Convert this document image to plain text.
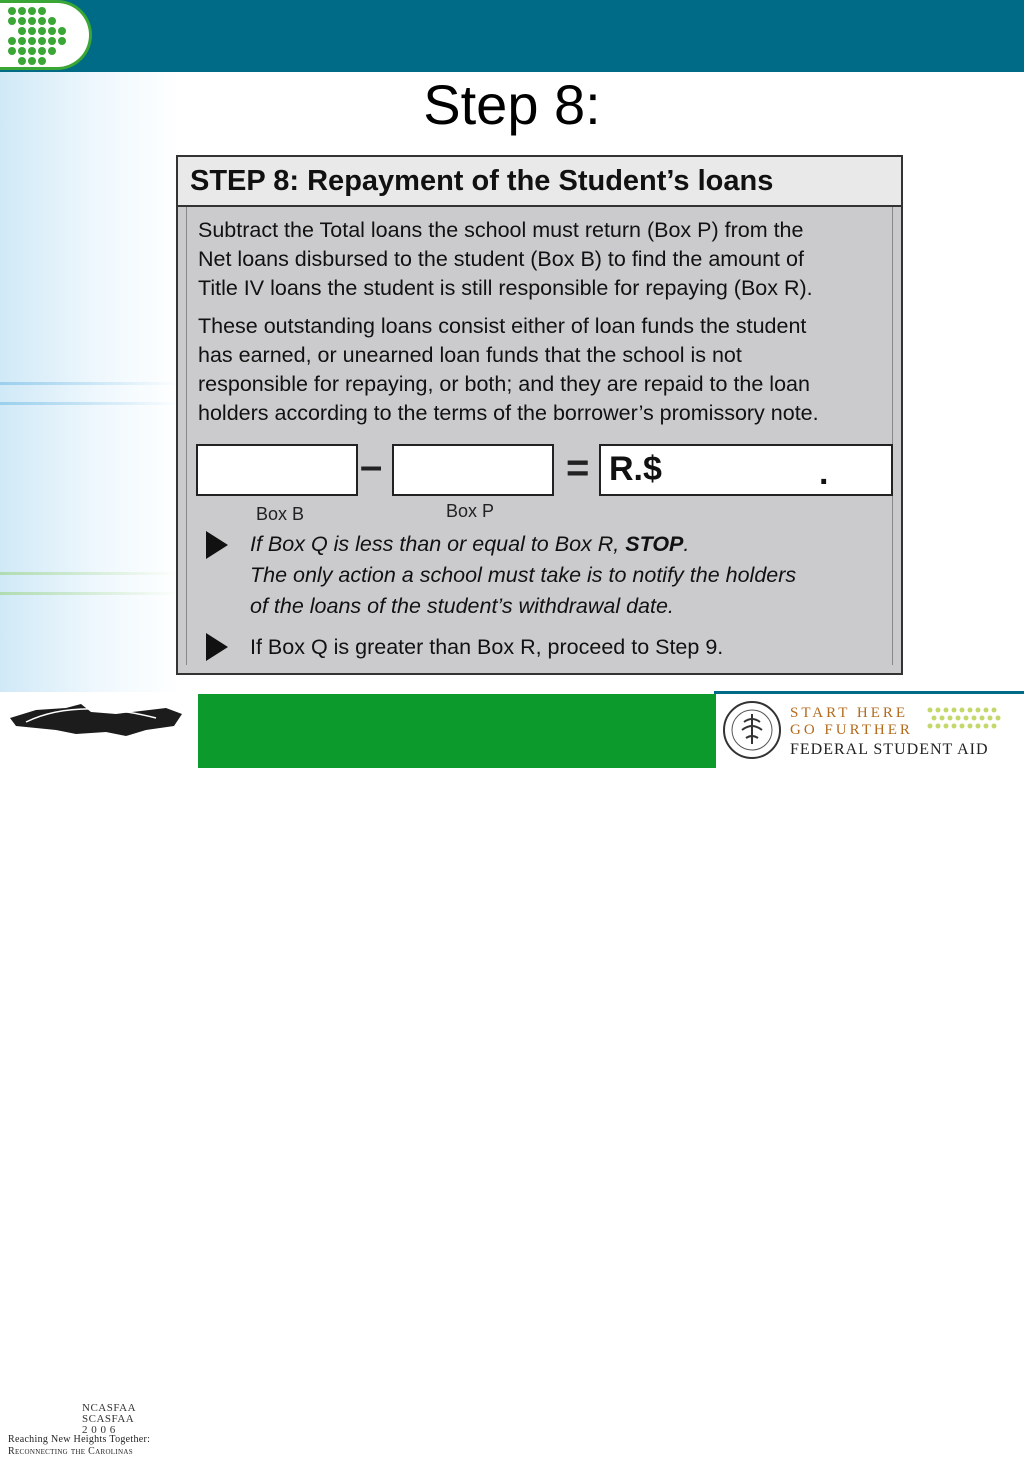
Step 8:
STEP 8: Repayment of the Student’s loans
Subtract the Total loans the school must return (Box P) from the
Net loans disbursed to the student (Box B) to find the amount of
Title IV loans the student is still responsible for repaying (Box R).
These outstanding loans consist either of loan funds the student
has earned, or unearned loan funds that the school is not
responsible for repaying, or both; and they are repaid to the loan
holders according to the terms of the borrower’s promissory note.
–	= R.$	.
Box B	Box P
If Box Q is less than or equal to Box R, STOP.
The only action a school must take is to notify the holders
of the loans of the student’s withdrawal date.
If Box Q is greater than Box R, proceed to Step 9.
NCASFAA
SCASFAA
2 0 0 6
Reaching New Heights Together:
Reconnecting the Carolinas
START HERE
GO FURTHER
FEDERAL STUDENT AID
